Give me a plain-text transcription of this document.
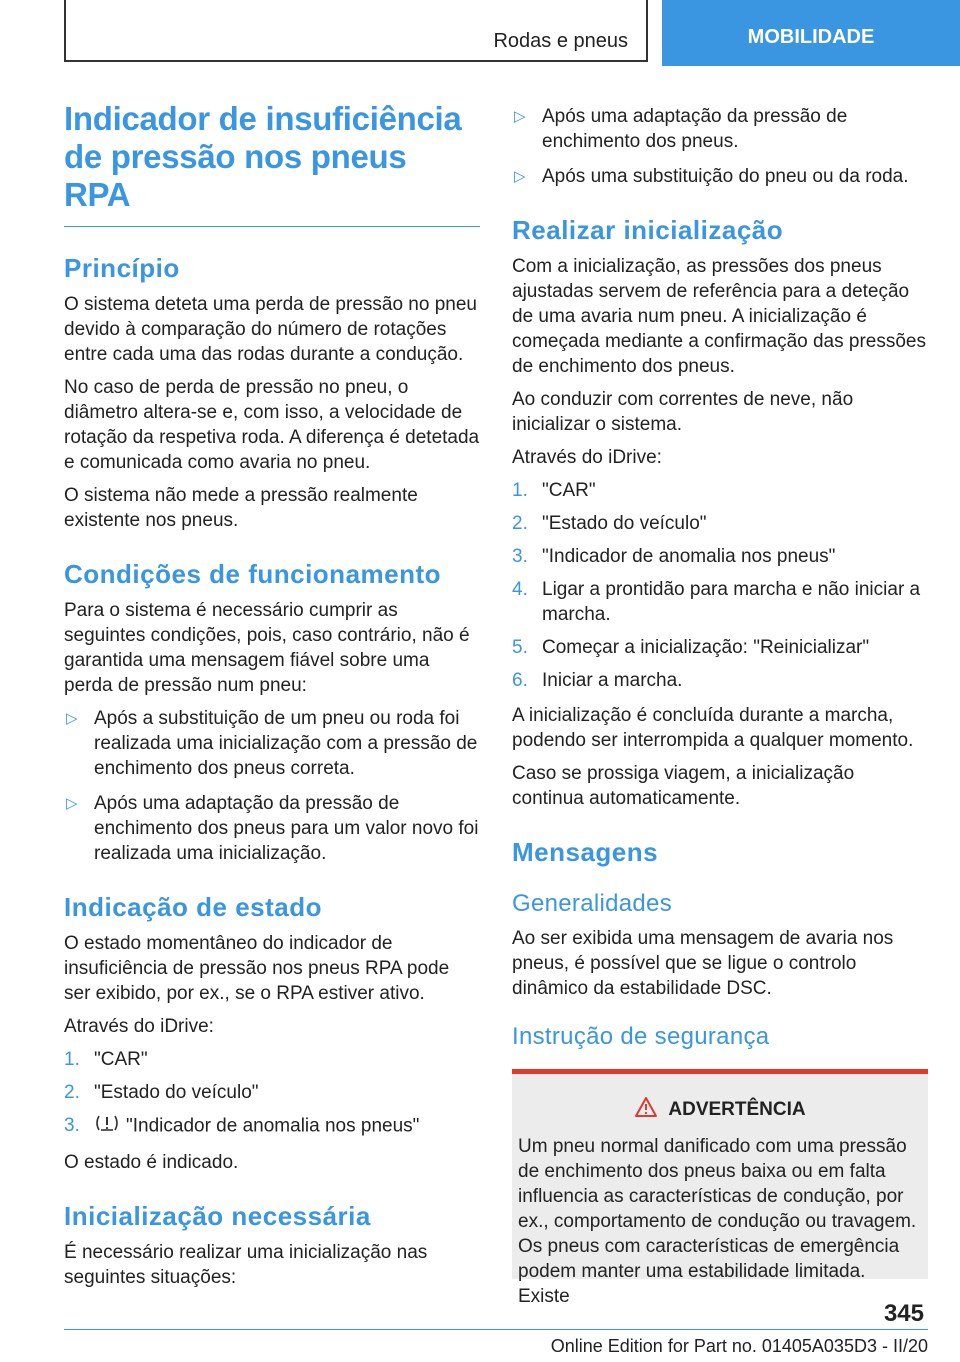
Rodas e pneus	MOBILIDADE
Indicador de insuficiência
de pressão nos pneus RPA
Princípio

O sistema deteta uma perda de pressão no pneu devido à comparação do número de rotações entre cada uma das rodas durante a condução.

No caso de perda de pressão no pneu, o diâmetro altera-se e, com isso, a velocidade de rotação da respetiva roda. A diferença é detetada e comunicada como avaria no pneu.

O sistema não mede a pressão realmente existente nos pneus.

Condições de funcionamento

Para o sistema é necessário cumprir as seguintes condições, pois, caso contrário, não é garantida uma mensagem fiável sobre uma perda de pressão num pneu:

▷ Após a substituição de um pneu ou roda foi realizada uma inicialização com a pressão de enchimento dos pneus correta.
▷ Após uma adaptação da pressão de enchimento dos pneus para um valor novo foi realizada uma inicialização.
Indicação de estado

O estado momentâneo do indicador de insuficiência de pressão nos pneus RPA pode ser exibido, por ex., se o RPA estiver ativo.

Através do iDrive:

1. "CAR"
2. "Estado do veículo"
3. "Indicador de anomalia nos pneus"

O estado é indicado.

Inicialização necessária

É necessário realizar uma inicialização nas seguintes situações:

▷ Após uma adaptação da pressão de enchimento dos pneus.
▷ Após uma substituição do pneu ou da roda.
Realizar inicialização

Com a inicialização, as pressões dos pneus ajustadas servem de referência para a deteção de uma avaria num pneu. A inicialização é começada mediante a confirmação das pressões de enchimento dos pneus.

Ao conduzir com correntes de neve, não inicializar o sistema.

Através do iDrive:

1. "CAR"
2. "Estado do veículo"
3. "Indicador de anomalia nos pneus"
4. Ligar a prontidão para marcha e não iniciar a marcha.
5. Começar a inicialização: "Reinicializar"
6. Iniciar a marcha.

A inicialização é concluída durante a marcha, podendo ser interrompida a qualquer momento.

Caso se prossiga viagem, a inicialização continua automaticamente.

Mensagens
Generalidades

Ao ser exibida uma mensagem de avaria nos pneus, é possível que se ligue o controlo dinâmico da estabilidade DSC.

Instrução de segurança
ADVERTÊNCIA

Um pneu normal danificado com uma pressão de enchimento dos pneus baixa ou em falta influencia as características de condução, por ex., comportamento de condução ou travagem. Os pneus com características de emergência podem manter uma estabilidade limitada. Existe

345
Online Edition for Part no. 01405A035D3 - II/20
